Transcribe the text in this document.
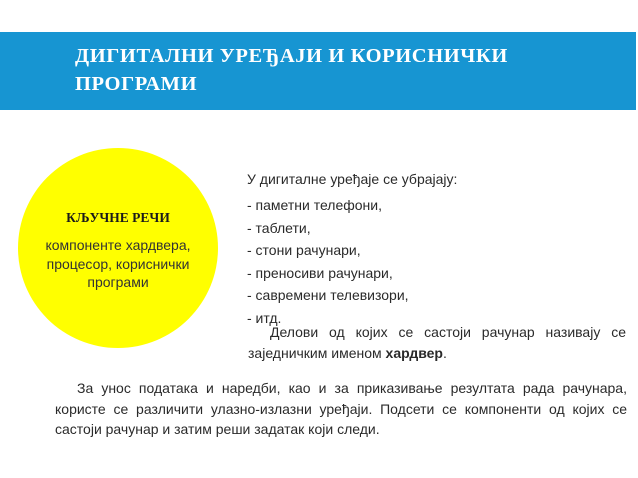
ДИГИТАЛНИ УРЕЂАЈИ И КОРИСНИЧКИ
ПРОГРАМИ
КЉУЧНЕ РЕЧИ
компоненте хардвера, процесор, кориснички програми
У дигиталне уређаје се убрајају:
- паметни телефони,
- таблети,
- стони рачунари,
- преносиви рачунари,
- савремени телевизори,
- итд.
Делови од којих се састоји рачунар називају се заједничким именом хардвер.
За унос података и наредби, као и за приказивање резултата рада рачунара, користе се различити улазно-излазни уређаји. Подсети се компоненти од којих се састоји рачунар и затим реши задатак који следи.
